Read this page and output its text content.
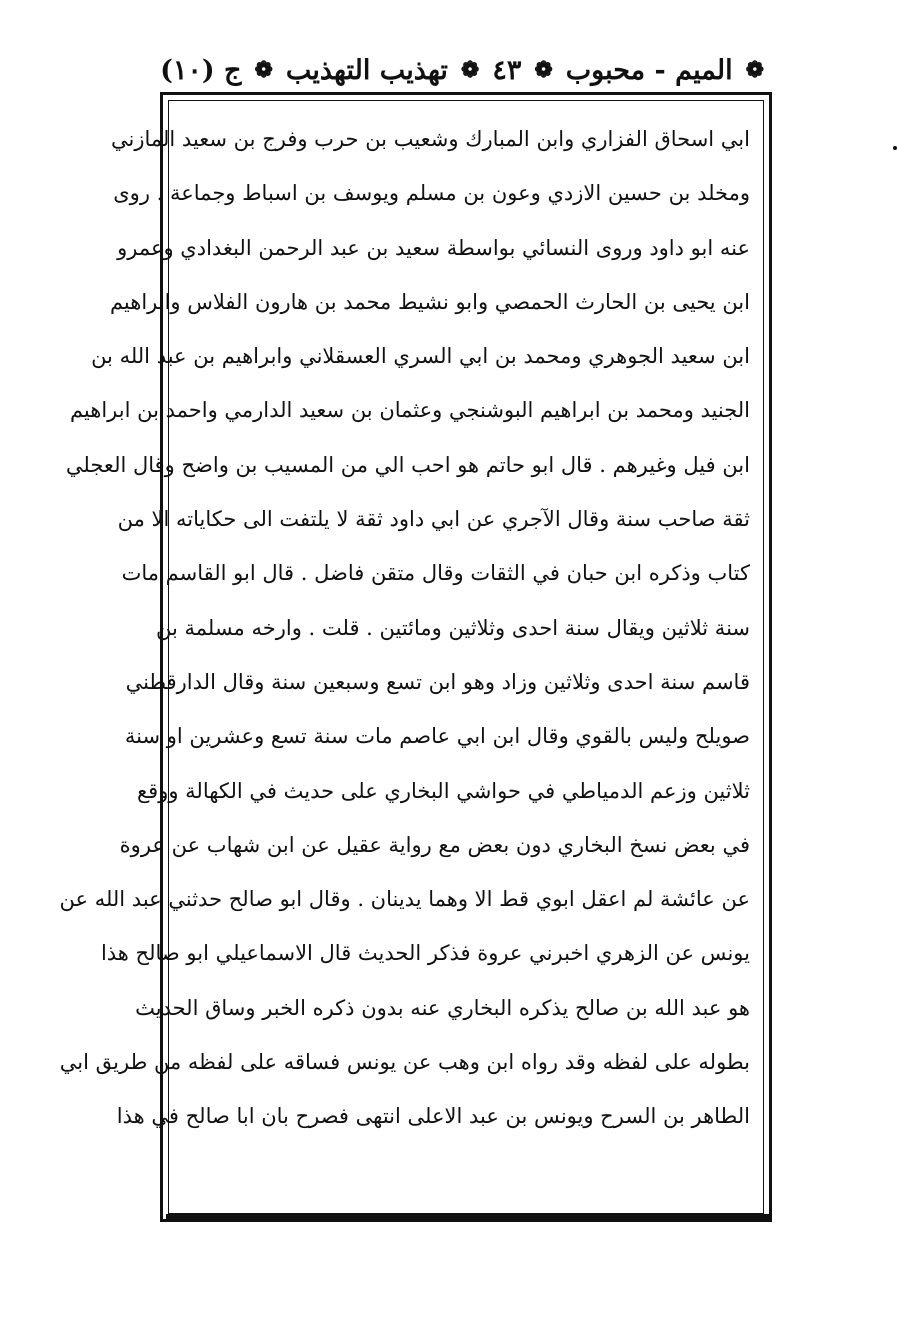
ج (١٠) ❁ تهذيب التهذيب ❁ ٤٣ ❁ الميم - محبوب ❁
ابي اسحاق الفزاري وابن المبارك وشعيب بن حرب وفرج بن سعيد المازني
ومخلد بن حسين الازدي وعون بن مسلم ويوسف بن اسباط وجماعة . روى
عنه ابو داود وروى النسائي بواسطة سعيد بن عبد الرحمن البغدادي وعمرو
ابن يحيى بن الحارث الحمصي وابو نشيط محمد بن هارون الفلاس وابراهيم
ابن سعيد الجوهري ومحمد بن ابي السري العسقلاني وابراهيم بن عبد الله بن
الجنيد ومحمد بن ابراهيم البوشنجي وعثمان بن سعيد الدارمي واحمد بن ابراهيم
ابن فيل وغيرهم . قال ابو حاتم هو احب الي من المسيب بن واضح وقال العجلي
ثقة صاحب سنة وقال الآجري عن ابي داود ثقة لا يلتفت الى حكاياته الا من
كتاب وذكره ابن حبان في الثقات وقال متقن فاضل . قال ابو القاسم مات
سنة ثلاثين ويقال سنة احدى وثلاثين ومائتين . قلت . وارخه مسلمة بن
قاسم سنة احدى وثلاثين وزاد وهو ابن تسع وسبعين سنة وقال الدارقطني
صويلح وليس بالقوي وقال ابن ابي عاصم مات سنة تسع وعشرين او سنة
ثلاثين وزعم الدمياطي في حواشي البخاري على حديث في الكهالة ووقع
في بعض نسخ البخاري دون بعض مع رواية عقيل عن ابن شهاب عن عروة
عن عائشة لم اعقل ابوي قط الا وهما يدينان . وقال ابو صالح حدثني عبد الله عن
يونس عن الزهري اخبرني عروة فذكر الحديث قال الاسماعيلي ابو صالح هذا
هو عبد الله بن صالح يذكره البخاري عنه بدون ذكره الخبر وساق الحديث
بطوله على لفظه وقد رواه ابن وهب عن يونس فساقه على لفظه من طريق ابي
الطاهر بن السرح ويونس بن عبد الاعلى انتهى فصرح بان ابا صالح في هذا
